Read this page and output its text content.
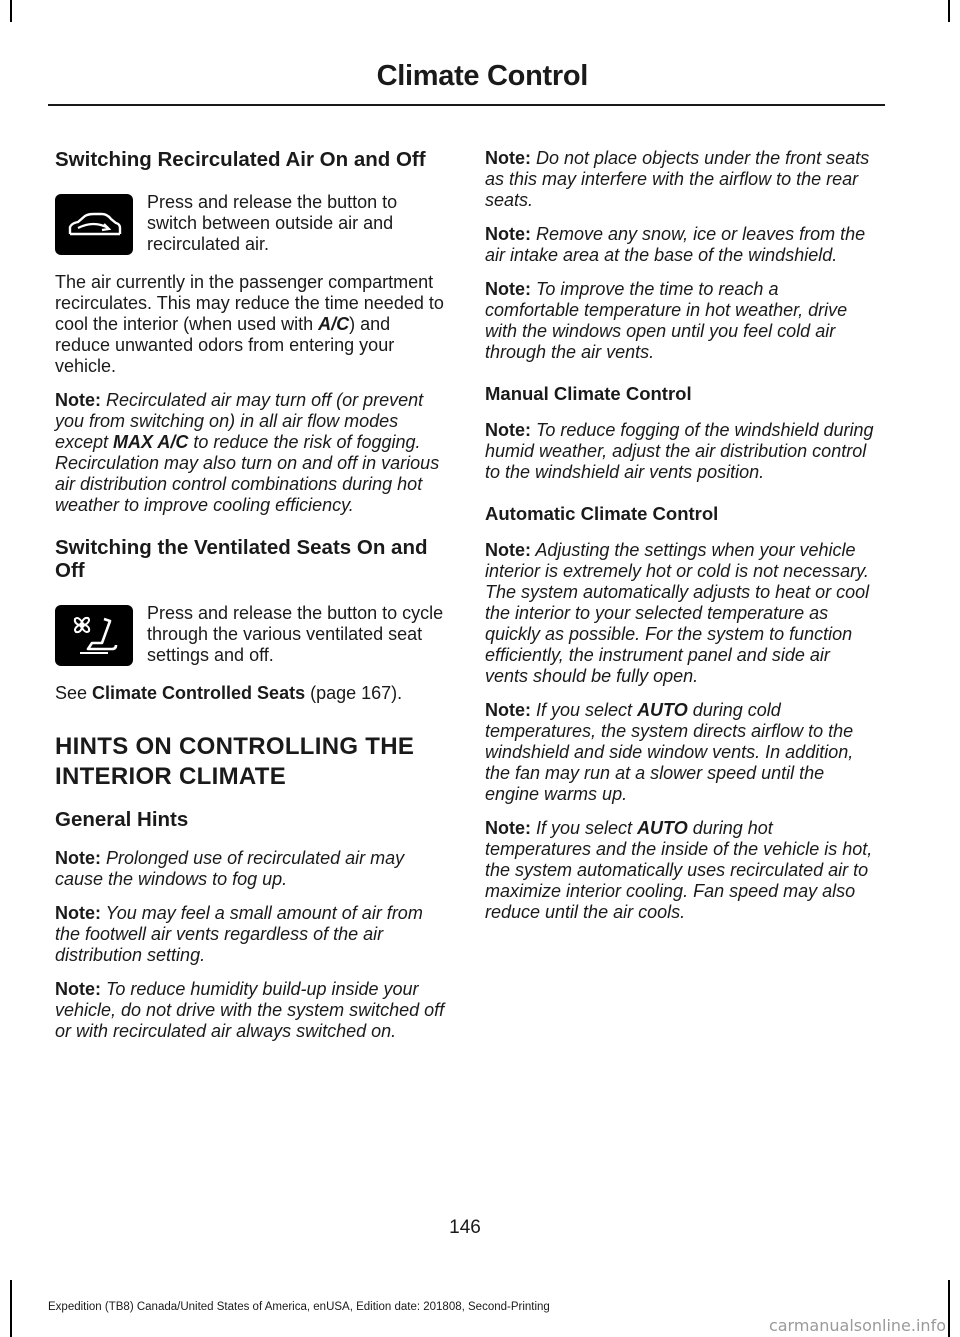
Climate Control
Switching Recirculated Air On and Off

Press and release the button to switch between outside air and recirculated air.

The air currently in the passenger compartment recirculates. This may reduce the time needed to cool the interior (when used with A/C) and reduce unwanted odors from entering your vehicle.

Note: Recirculated air may turn off (or prevent you from switching on) in all air flow modes except MAX A/C to reduce the risk of fogging. Recirculation may also turn on and off in various air distribution control combinations during hot weather to improve cooling efficiency.

Switching the Ventilated Seats On and Off

Press and release the button to cycle through the various ventilated seat settings and off.

See Climate Controlled Seats (page 167).

HINTS ON CONTROLLING THE INTERIOR CLIMATE
General Hints

Note: Prolonged use of recirculated air may cause the windows to fog up.

Note: You may feel a small amount of air from the footwell air vents regardless of the air distribution setting.

Note: To reduce humidity build-up inside your vehicle, do not drive with the system switched off or with recirculated air always switched on.

Note: Do not place objects under the front seats as this may interfere with the airflow to the rear seats.

Note: Remove any snow, ice or leaves from the air intake area at the base of the windshield.

Note: To improve the time to reach a comfortable temperature in hot weather, drive with the windows open until you feel cold air through the air vents.

Manual Climate Control

Note: To reduce fogging of the windshield during humid weather, adjust the air distribution control to the windshield air vents position.

Automatic Climate Control

Note: Adjusting the settings when your vehicle interior is extremely hot or cold is not necessary. The system automatically adjusts to heat or cool the interior to your selected temperature as quickly as possible. For the system to function efficiently, the instrument panel and side air vents should be fully open.

Note: If you select AUTO during cold temperatures, the system directs airflow to the windshield and side window vents. In addition, the fan may run at a slower speed until the engine warms up.

Note: If you select AUTO during hot temperatures and the inside of the vehicle is hot, the system automatically uses recirculated air to maximize interior cooling. Fan speed may also reduce until the air cools.

146
Expedition (TB8) Canada/United States of America, enUSA, Edition date: 201808, Second-Printing
carmanualsonline.info
